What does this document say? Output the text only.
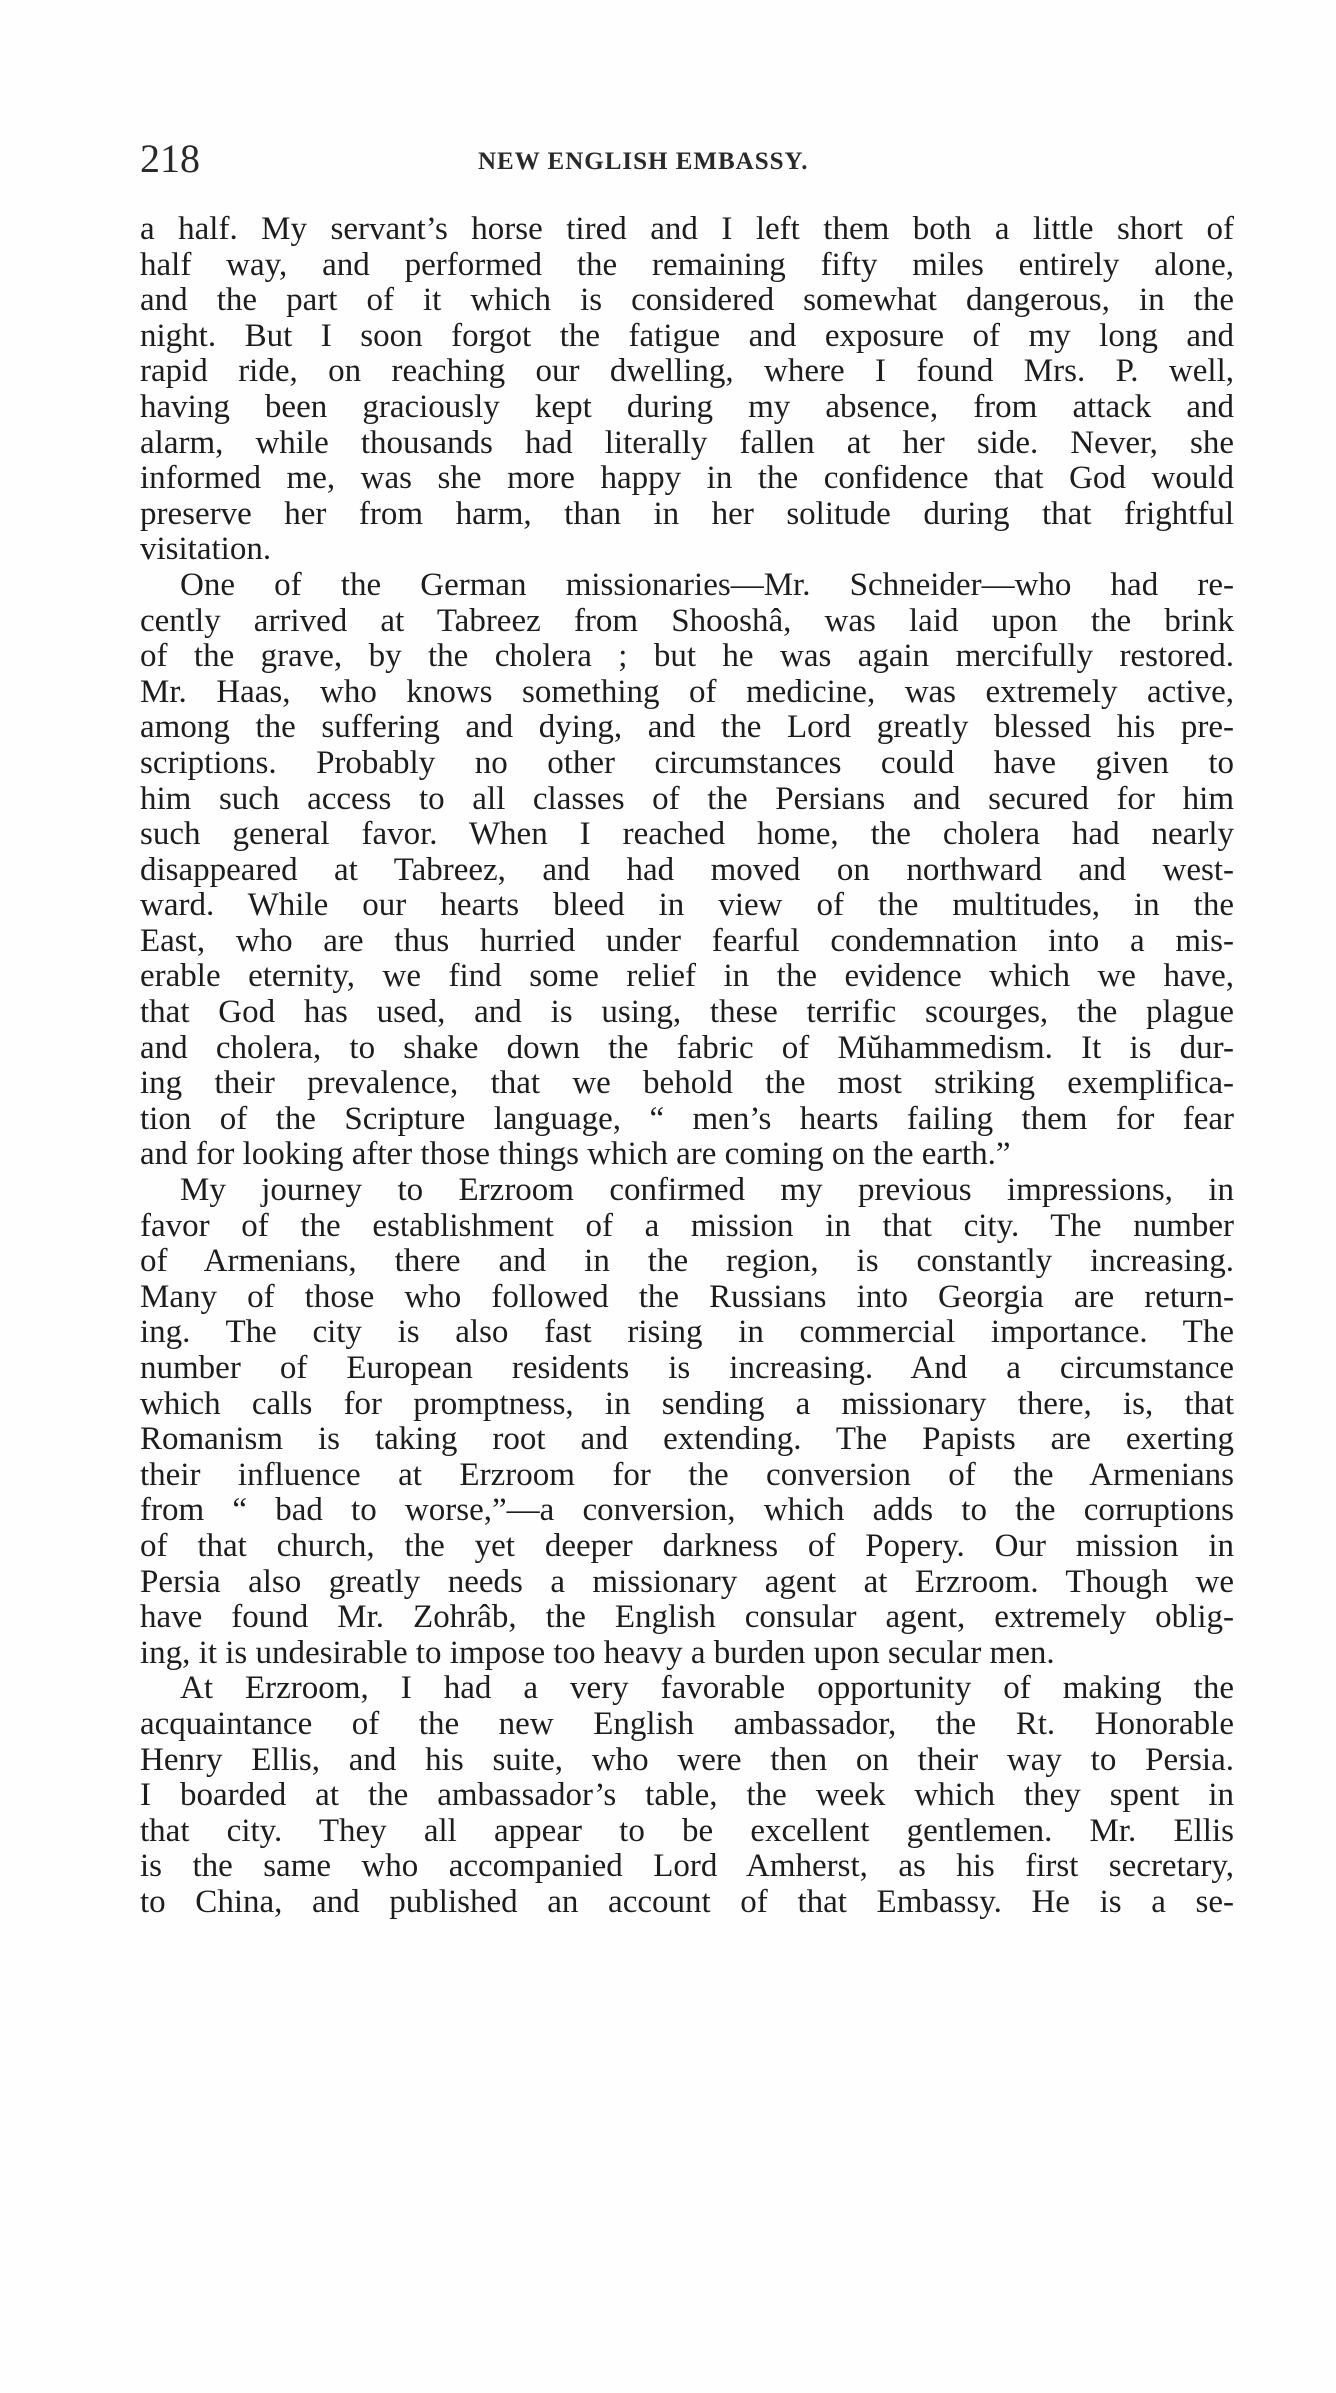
218	NEW ENGLISH EMBASSY.
a half. My servant’s horse tired and I left them both a little short of
half way, and performed the remaining fifty miles entirely alone,
and the part of it which is considered somewhat dangerous, in the
night. But I soon forgot the fatigue and exposure of my long and
rapid ride, on reaching our dwelling, where I found Mrs. P. well,
having been graciously kept during my absence, from attack and
alarm, while thousands had literally fallen at her side. Never, she
informed me, was she more happy in the confidence that God would
preserve her from harm, than in her solitude during that frightful
visitation.
One of the German missionaries—Mr. Schneider—who had re-
cently arrived at Tabreez from Shooshâ, was laid upon the brink
of the grave, by the cholera ; but he was again mercifully restored.
Mr. Haas, who knows something of medicine, was extremely active,
among the suffering and dying, and the Lord greatly blessed his pre-
scriptions. Probably no other circumstances could have given to
him such access to all classes of the Persians and secured for him
such general favor. When I reached home, the cholera had nearly
disappeared at Tabreez, and had moved on northward and west-
ward. While our hearts bleed in view of the multitudes, in the
East, who are thus hurried under fearful condemnation into a mis-
erable eternity, we find some relief in the evidence which we have,
that God has used, and is using, these terrific scourges, the plague
and cholera, to shake down the fabric of Mŭhammedism. It is dur-
ing their prevalence, that we behold the most striking exemplifica-
tion of the Scripture language, “ men’s hearts failing them for fear
and for looking after those things which are coming on the earth.”
My journey to Erzroom confirmed my previous impressions, in
favor of the establishment of a mission in that city. The number
of Armenians, there and in the region, is constantly increasing.
Many of those who followed the Russians into Georgia are return-
ing. The city is also fast rising in commercial importance. The
number of European residents is increasing. And a circumstance
which calls for promptness, in sending a missionary there, is, that
Romanism is taking root and extending. The Papists are exerting
their influence at Erzroom for the conversion of the Armenians
from “ bad to worse,”—a conversion, which adds to the corruptions
of that church, the yet deeper darkness of Popery. Our mission in
Persia also greatly needs a missionary agent at Erzroom. Though we
have found Mr. Zohrâb, the English consular agent, extremely oblig-
ing, it is undesirable to impose too heavy a burden upon secular men.
At Erzroom, I had a very favorable opportunity of making the
acquaintance of the new English ambassador, the Rt. Honorable
Henry Ellis, and his suite, who were then on their way to Persia.
I boarded at the ambassador’s table, the week which they spent in
that city. They all appear to be excellent gentlemen. Mr. Ellis
is the same who accompanied Lord Amherst, as his first secretary,
to China, and published an account of that Embassy. He is a se-
